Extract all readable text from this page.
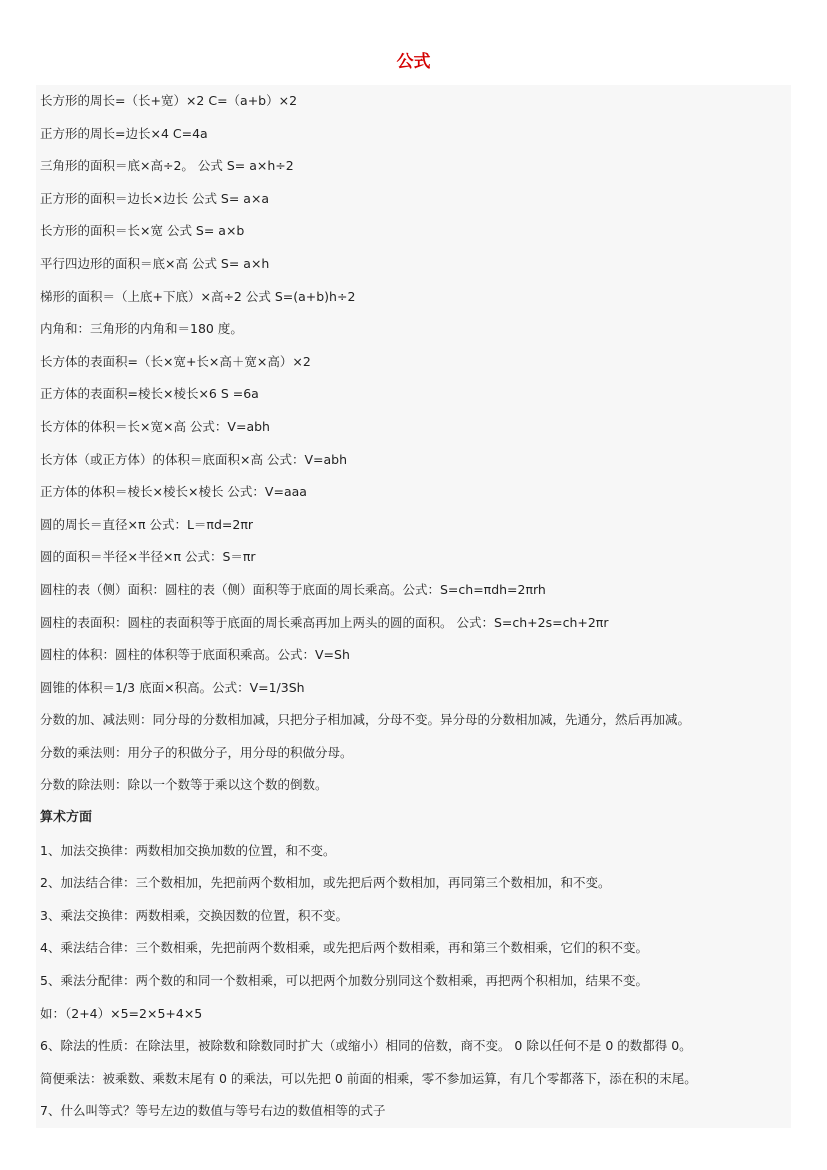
公式
长方形的周长=（长+宽）×2 C=（a+b）×2
正方形的周长=边长×4 C=4a
三角形的面积＝底×高÷2。 公式 S= a×h÷2
正方形的面积＝边长×边长 公式 S= a×a
长方形的面积＝长×宽 公式 S= a×b
平行四边形的面积＝底×高 公式 S= a×h
梯形的面积＝（上底+下底）×高÷2 公式 S=(a+b)h÷2
内角和：三角形的内角和＝180 度。
长方体的表面积=（长×宽+长×高＋宽×高）×2
正方体的表面积=棱长×棱长×6 S =6a
长方体的体积＝长×宽×高 公式：V=abh
长方体（或正方体）的体积＝底面积×高 公式：V=abh
正方体的体积＝棱长×棱长×棱长 公式：V=aaa
圆的周长＝直径×π 公式：L＝πd=2πr
圆的面积＝半径×半径×π 公式：S＝πr
圆柱的表（侧）面积：圆柱的表（侧）面积等于底面的周长乘高。公式：S=ch=πdh=2πrh
圆柱的表面积：圆柱的表面积等于底面的周长乘高再加上两头的圆的面积。 公式：S=ch+2s=ch+2πr
圆柱的体积：圆柱的体积等于底面积乘高。公式：V=Sh
圆锥的体积＝1/3 底面×积高。公式：V=1/3Sh
分数的加、减法则：同分母的分数相加减，只把分子相加减，分母不变。异分母的分数相加减，先通分，然后再加减。
分数的乘法则：用分子的积做分子，用分母的积做分母。
分数的除法则：除以一个数等于乘以这个数的倒数。
算术方面
1、加法交换律：两数相加交换加数的位置，和不变。
2、加法结合律：三个数相加，先把前两个数相加，或先把后两个数相加，再同第三个数相加，和不变。
3、乘法交换律：两数相乘，交换因数的位置，积不变。
4、乘法结合律：三个数相乘，先把前两个数相乘，或先把后两个数相乘，再和第三个数相乘，它们的积不变。
5、乘法分配律：两个数的和同一个数相乘，可以把两个加数分别同这个数相乘，再把两个积相加，结果不变。
如：（2+4）×5=2×5+4×5
6、除法的性质：在除法里，被除数和除数同时扩大（或缩小）相同的倍数，商不变。 0 除以任何不是 0 的数都得 0。
简便乘法：被乘数、乘数末尾有 0 的乘法，可以先把 0 前面的相乘，零不参加运算，有几个零都落下，添在积的末尾。
7、什么叫等式？等号左边的数值与等号右边的数值相等的式子
